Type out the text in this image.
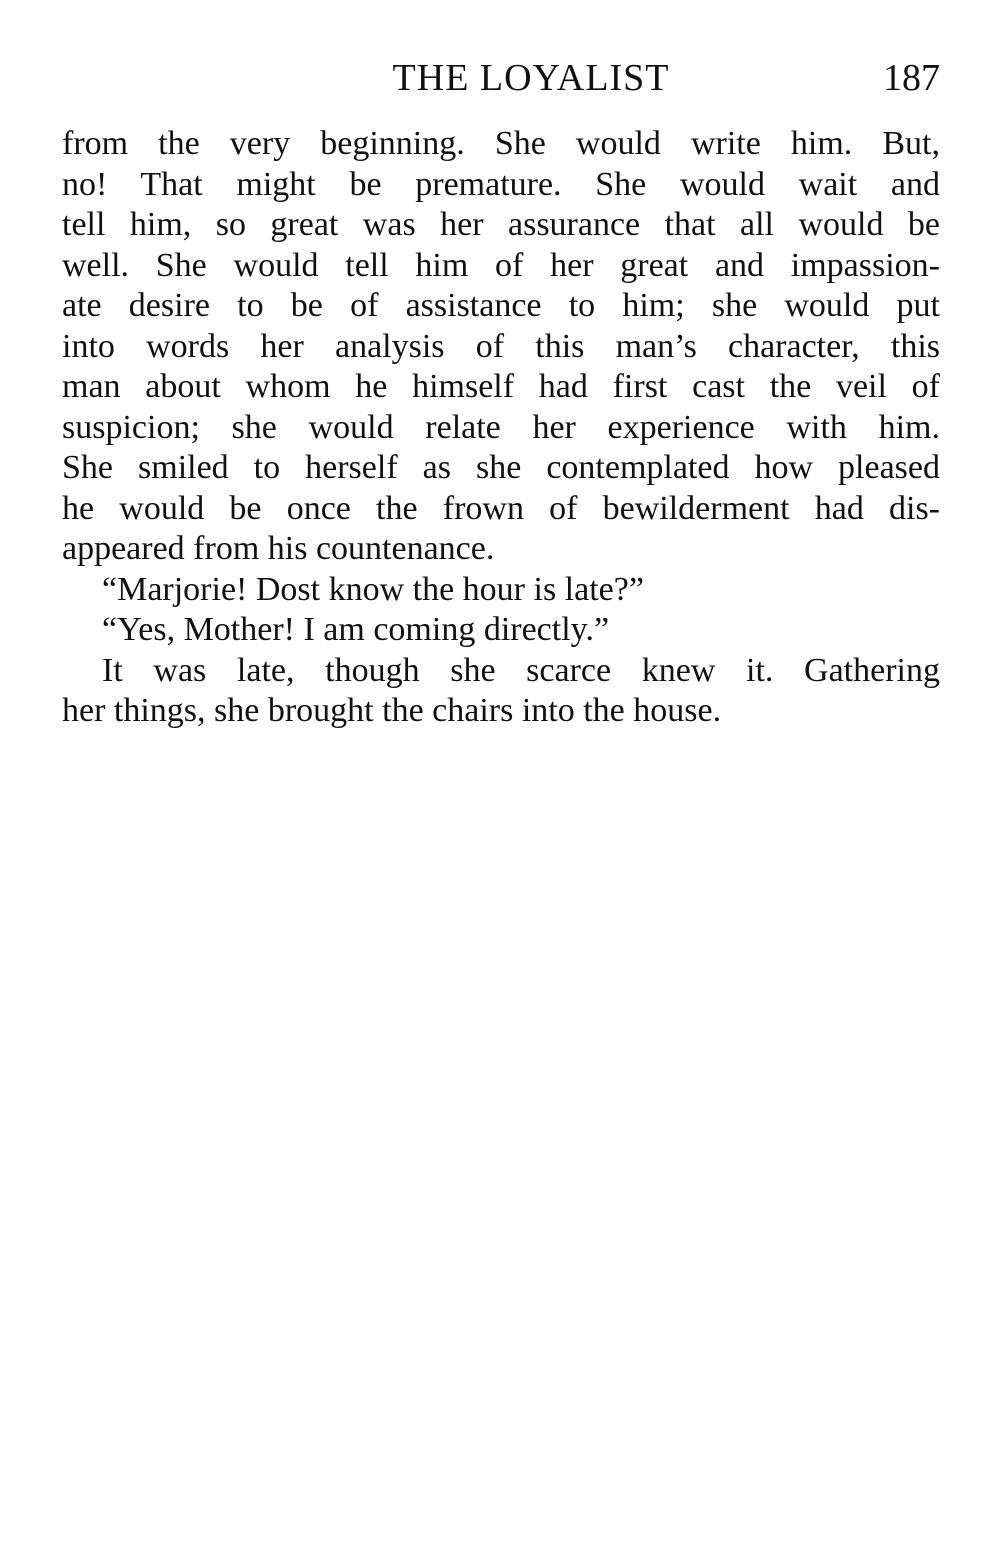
THE LOYALIST	187
from the very beginning. She would write him. But,
no! That might be premature. She would wait and
tell him, so great was her assurance that all would be
well. She would tell him of her great and impassion-
ate desire to be of assistance to him; she would put
into words her analysis of this man’s character, this
man about whom he himself had first cast the veil of
suspicion; she would relate her experience with him.
She smiled to herself as she contemplated how pleased
he would be once the frown of bewilderment had dis-
appeared from his countenance.
“Marjorie! Dost know the hour is late?”
“Yes, Mother! I am coming directly.”
It was late, though she scarce knew it. Gathering
her things, she brought the chairs into the house.
